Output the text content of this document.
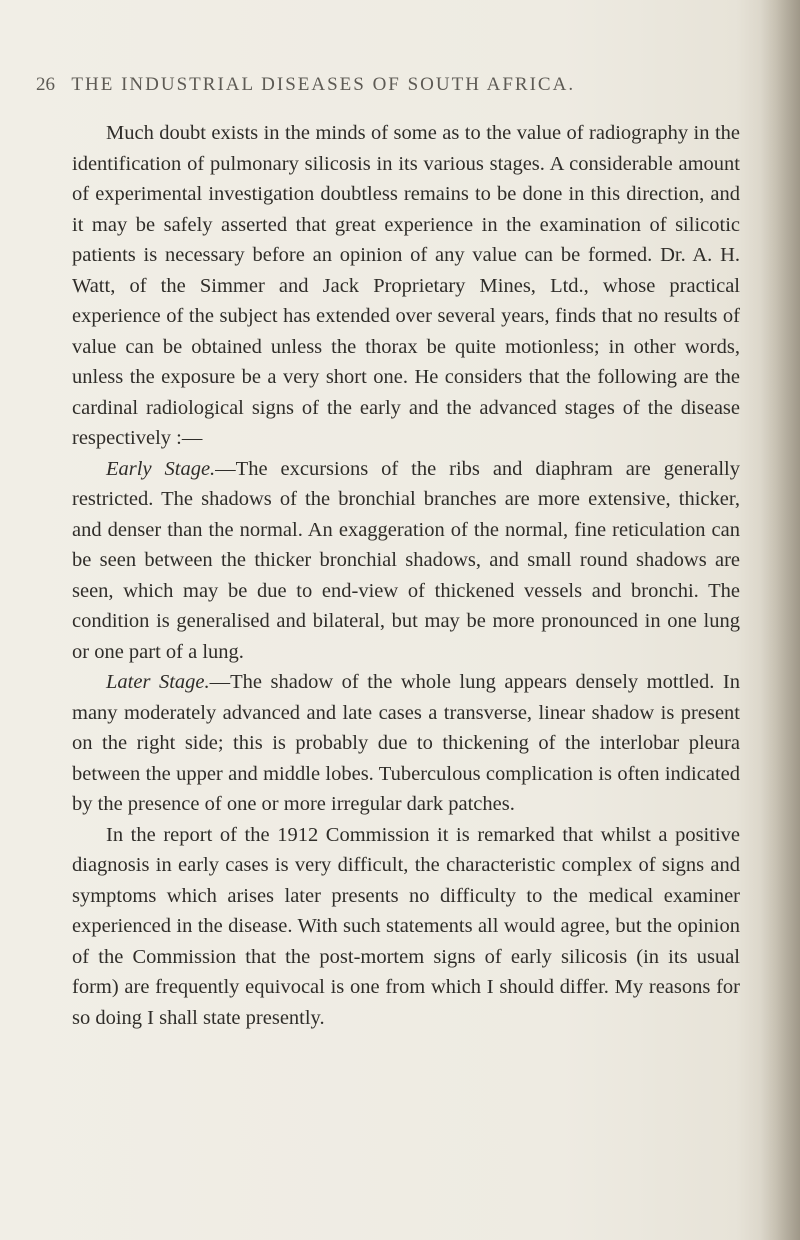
26 THE INDUSTRIAL DISEASES OF SOUTH AFRICA.

Much doubt exists in the minds of some as to the value of radiography in the identification of pulmonary silicosis in its various stages. A considerable amount of experimental investigation doubtless remains to be done in this direction, and it may be safely asserted that great experience in the examination of silicotic patients is necessary before an opinion of any value can be formed. Dr. A. H. Watt, of the Simmer and Jack Proprietary Mines, Ltd., whose practical experience of the subject has extended over several years, finds that no results of value can be obtained unless the thorax be quite motionless; in other words, unless the exposure be a very short one. He considers that the following are the cardinal radiological signs of the early and the advanced stages of the disease respectively :—

Early Stage.—The excursions of the ribs and diaphram are generally restricted. The shadows of the bronchial branches are more extensive, thicker, and denser than the normal. An exaggeration of the normal, fine reticulation can be seen between the thicker bronchial shadows, and small round shadows are seen, which may be due to end-view of thickened vessels and bronchi. The condition is generalised and bilateral, but may be more pronounced in one lung or one part of a lung.

Later Stage.—The shadow of the whole lung appears densely mottled. In many moderately advanced and late cases a transverse, linear shadow is present on the right side; this is probably due to thickening of the interlobar pleura between the upper and middle lobes. Tuberculous complication is often indicated by the presence of one or more irregular dark patches.

In the report of the 1912 Commission it is remarked that whilst a positive diagnosis in early cases is very difficult, the characteristic complex of signs and symptoms which arises later presents no difficulty to the medical examiner experienced in the disease. With such statements all would agree, but the opinion of the Commission that the post-mortem signs of early silicosis (in its usual form) are frequently equivocal is one from which I should differ. My reasons for so doing I shall state presently.
